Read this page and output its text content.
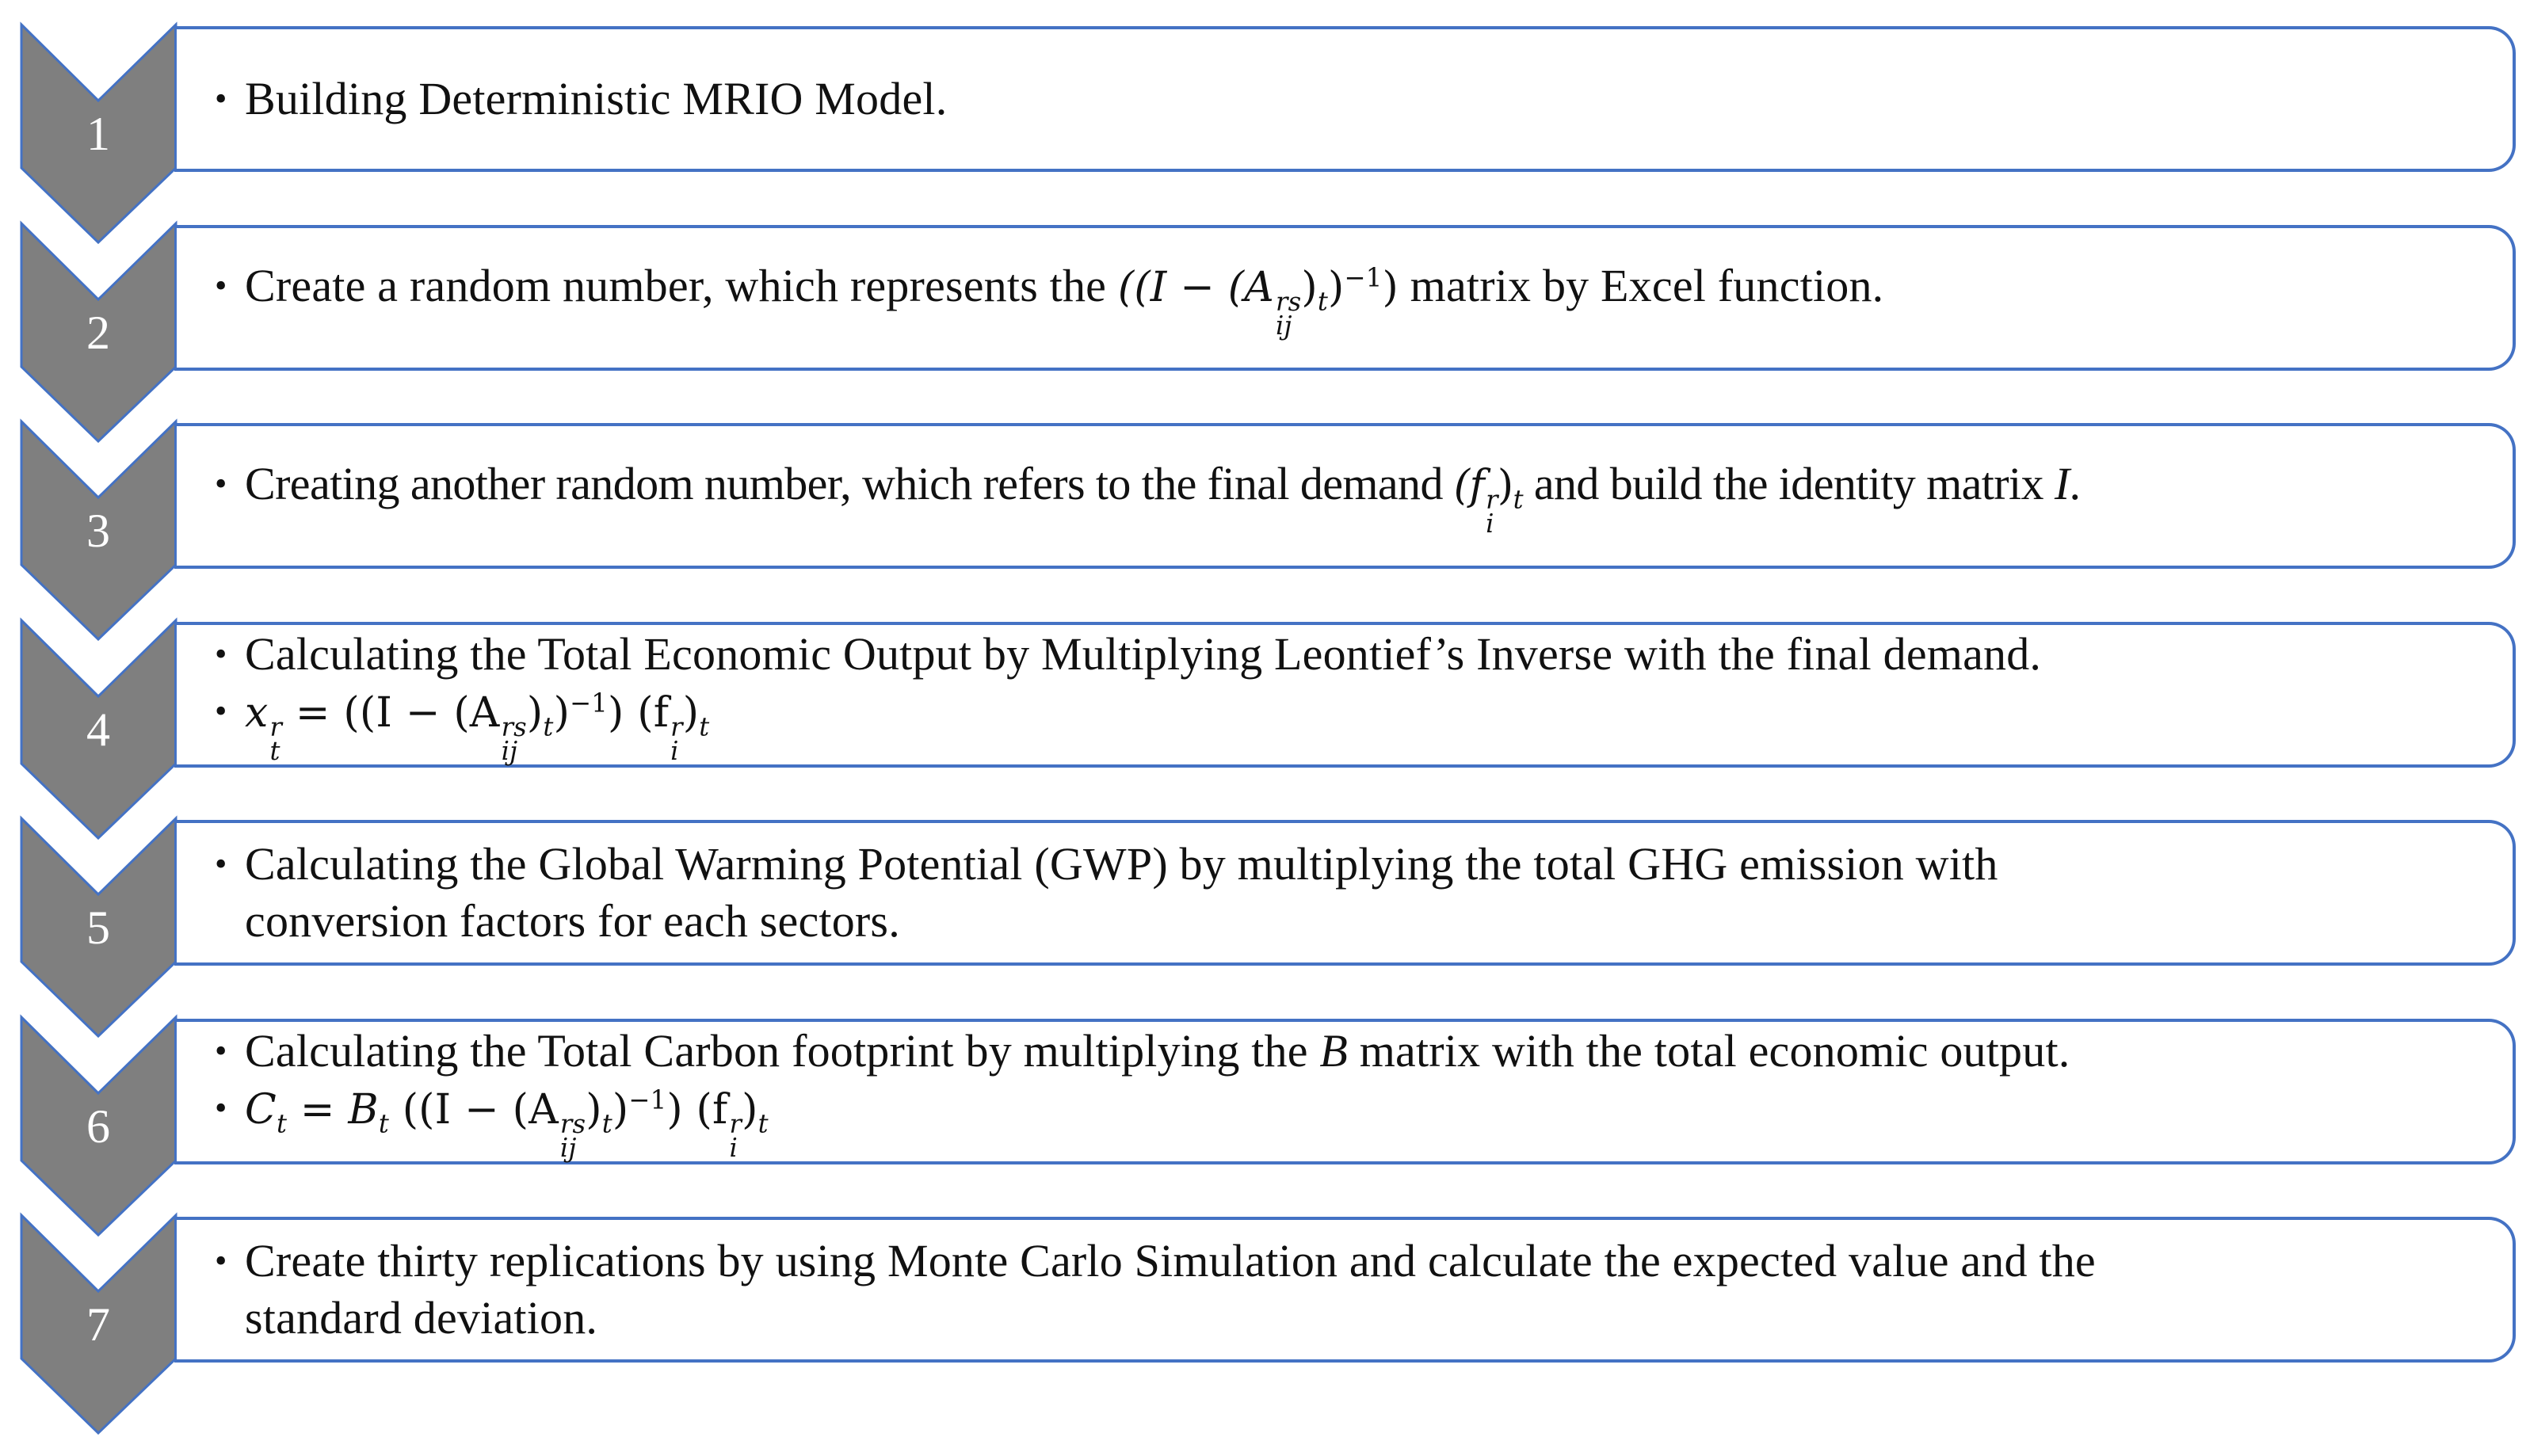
1
• Building Deterministic MRIO Model.
2
• Create a random number, which represents the ((I − (A rs
ij
)$_t)^{-1}$) matrix by Excel function.
3
• Creating another random number, which refers to the final demand (f r
i
)$_t$ and build the identity matrix I.
4
• Calculating the Total Economic Output by Multiplying Leontief’s Inverse with the final demand.
• x r
t
= ((I − (A rs
ij
)$_t)^{-1}$) (f r
i
)$_t$
5
• Calculating the Global Warming Potential (GWP) by multiplying the total GHG emission with
conversion factors for each sectors.
6
• Calculating the Total Carbon footprint by multiplying the B matrix with the total economic output.
• $C_t = B_t$ ((I − (A rs
ij
)$_t)^{-1}$) (f r
i
)$_t$
7
• Create thirty replications by using Monte Carlo Simulation and calculate the expected value and the
standard deviation.
